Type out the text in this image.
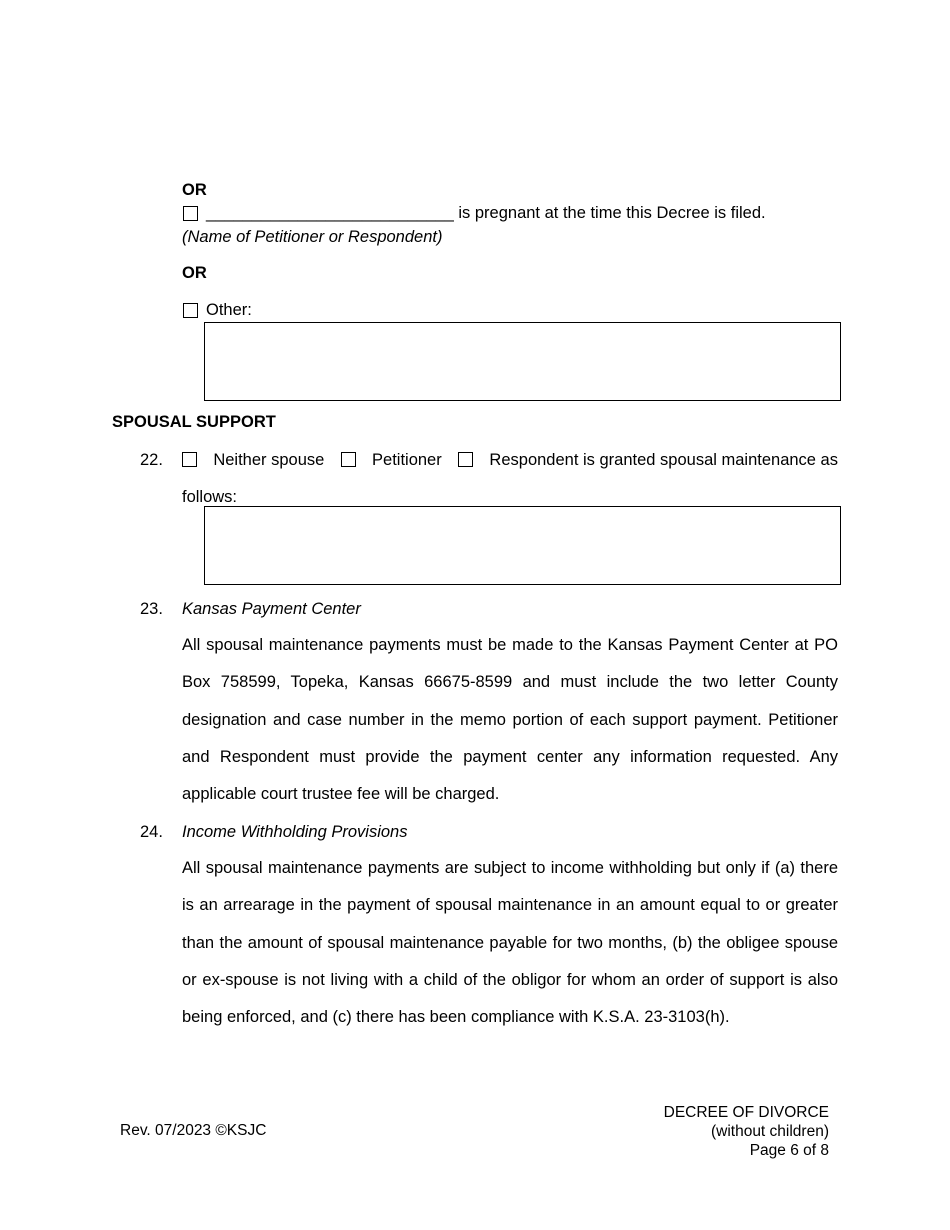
OR
___________________________ is pregnant at the time this Decree is filed.
(Name of Petitioner or Respondent)
OR
Other:
SPOUSAL SUPPORT
22.	Neither spouse	Petitioner	Respondent is granted spousal maintenance as
follows:
23. Kansas Payment Center
All spousal maintenance payments must be made to the Kansas Payment Center at PO Box 758599, Topeka, Kansas 66675-8599 and must include the two letter County designation and case number in the memo portion of each support payment. Petitioner and Respondent must provide the payment center any information requested. Any applicable court trustee fee will be charged.
24. Income Withholding Provisions
All spousal maintenance payments are subject to income withholding but only if (a) there is an arrearage in the payment of spousal maintenance in an amount equal to or greater than the amount of spousal maintenance payable for two months, (b) the obligee spouse or ex-spouse is not living with a child of the obligor for whom an order of support is also being enforced, and (c) there has been compliance with K.S.A. 23-3103(h).
Rev. 07/2023 ©KSJC
DECREE OF DIVORCE
(without children)
Page 6 of 8
